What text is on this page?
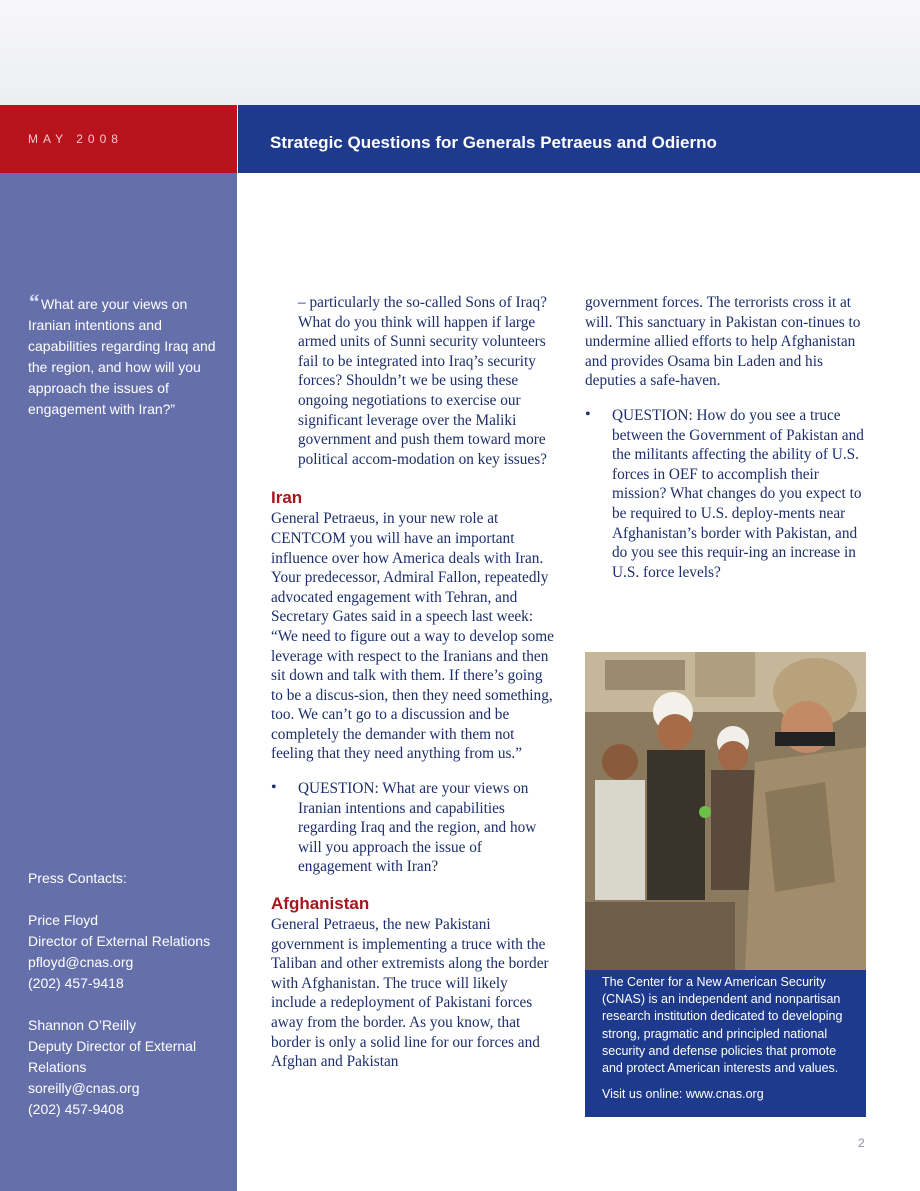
MAY 2008	Strategic Questions for Generals Petraeus and Odierno
“ What are your views on Iranian intentions and capabilities regarding Iraq and the region, and how will you approach the issues of engagement with Iran?”
Press Contacts:
Price Floyd
Director of External Relations
pfloyd@cnas.org
(202) 457-9418
Shannon O’Reilly
Deputy Director of External Relations
soreilly@cnas.org
(202) 457-9408

– particularly the so-called Sons of Iraq? What do you think will happen if large armed units of Sunni security volunteers fail to be integrated into Iraq’s security forces? Shouldn’t we be using these ongoing negotiations to exercise our significant leverage over the Maliki government and push them toward more political accom-modation on key issues?

Iran

General Petraeus, in your new role at CENTCOM you will have an important influence over how America deals with Iran. Your predecessor, Admiral Fallon, repeatedly advocated engagement with Tehran, and Secretary Gates said in a speech last week: “We need to figure out a way to develop some leverage with respect to the Iranians and then sit down and talk with them. If there’s going to be a discus-sion, then they need something, too. We can’t go to a discussion and be completely the demander with them not feeling that they need anything from us.”

• QUESTION: What are your views on Iranian intentions and capabilities regarding Iraq and the region, and how will you approach the issue of engagement with Iran?

Afghanistan

General Petraeus, the new Pakistani government is implementing a truce with the Taliban and other extremists along the border with Afghanistan. The truce will likely include a redeployment of Pakistani forces away from the border. As you know, that border is only a solid line for our forces and Afghan and Pakistan

government forces. The terrorists cross it at will. This sanctuary in Pakistan con-tinues to undermine allied efforts to help Afghanistan and provides Osama bin Laden and his deputies a safe-haven.

• QUESTION: How do you see a truce between the Government of Pakistan and the militants affecting the ability of U.S. forces in OEF to accomplish their mission? What changes do you expect to be required to U.S. deploy-ments near Afghanistan’s border with Pakistan, and do you see this requir-ing an increase in U.S. force levels?

The Center for a New American Security (CNAS) is an independent and nonpartisan research institution dedicated to developing strong, pragmatic and principled national security and defense policies that promote and protect American interests and values.
Visit us online: www.cnas.org
2
